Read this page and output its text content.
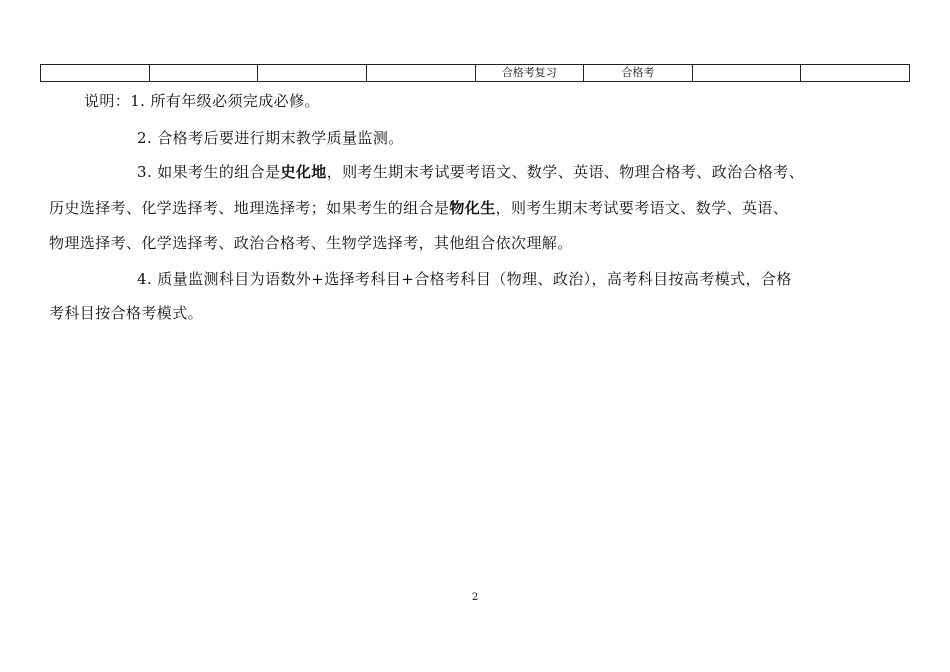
				合格考复习	合格考		
说明：1. 所有年级必须完成必修。
2. 合格考后要进行期末教学质量监测。
3. 如果考生的组合是史化地，则考生期末考试要考语文、数学、英语、物理合格考、政治合格考、
历史选择考、化学选择考、地理选择考；如果考生的组合是物化生，则考生期末考试要考语文、数学、英语、
物理选择考、化学选择考、政治合格考、生物学选择考，其他组合依次理解。
4. 质量监测科目为语数外+选择考科目+合格考科目（物理、政治），高考科目按高考模式，合格
考科目按合格考模式。
2
